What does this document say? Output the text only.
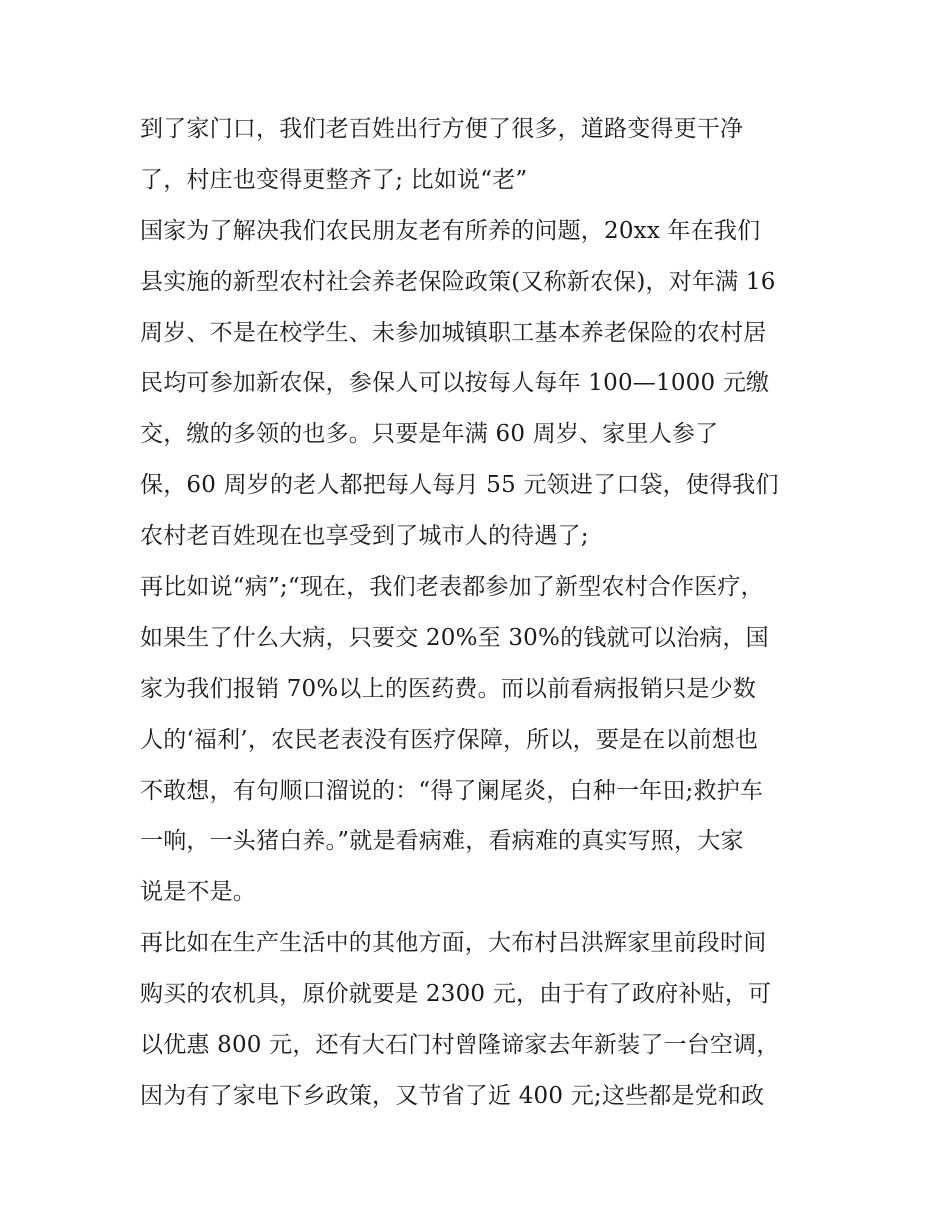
到了家门口，我们老百姓出行方便了很多，道路变得更干净
了，村庄也变得更整齐了; 比如说“老”
国家为了解决我们农民朋友老有所养的问题，20xx 年在我们
县实施的新型农村社会养老保险政策(又称新农保)，对年满 16
周岁、不是在校学生、未参加城镇职工基本养老保险的农村居
民均可参加新农保，参保人可以按每人每年 100—1000 元缴
交，缴的多领的也多。只要是年满 60 周岁、家里人参了
保，60 周岁的老人都把每人每月 55 元领进了口袋，使得我们
农村老百姓现在也享受到了城市人的待遇了;
再比如说“病”;“现在，我们老表都参加了新型农村合作医疗，
如果生了什么大病，只要交 20%至 30%的钱就可以治病，国
家为我们报销 70%以上的医药费。而以前看病报销只是少数
人的‘福利’，农民老表没有医疗保障，所以，要是在以前想也
不敢想，有句顺口溜说的：“得了阑尾炎，白种一年田;救护车
一响，一头猪白养。”就是看病难，看病难的真实写照，大家
说是不是。
再比如在生产生活中的其他方面，大布村吕洪辉家里前段时间
购买的农机具，原价就要是 2300 元，由于有了政府补贴，可
以优惠 800 元，还有大石门村曾隆谛家去年新装了一台空调，
因为有了家电下乡政策，又节省了近 400 元;这些都是党和政
